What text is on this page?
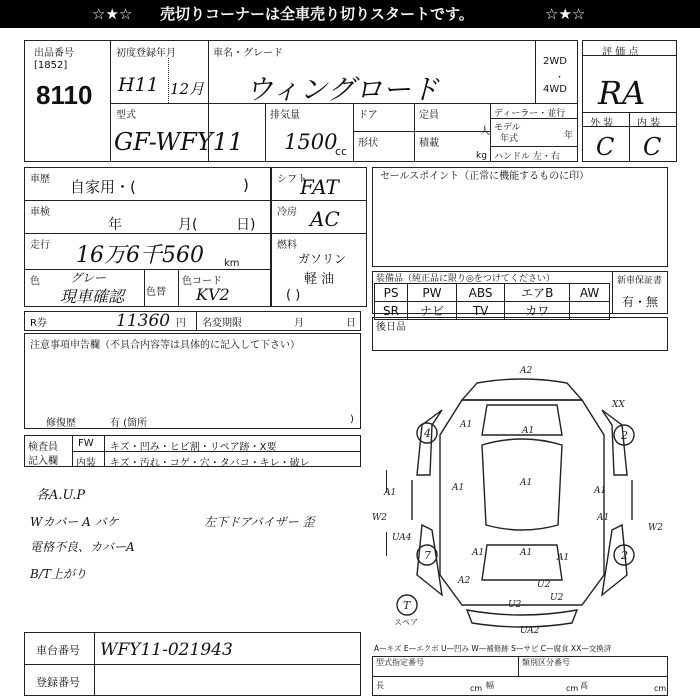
☆★☆ 売切りコーナーは全車売り切りスタートです。	☆★☆
出品番号
[1852]
8110
初度登録年月
H11 12月
車名・グレード
ウィングロード
2WD
・
4WD
型式
GF-WFY11
排気量
1500
cc
ドア
形状
定員
人
積載
kg
ディーラー・並行
モデル
年式	年
ハンドル 左・右
評 価 点
RA
外 装 内 装
C C
車歴 自家用・(	)
車検
年	月(	日)
走行 16万6千560 km
色	グレー
現車確認 色替
色コード
KV2
シフト
FAT
冷房 AC
燃料
ガソリン
軽 油
( )
セールスポイント（正常に機能するものに印）
装備品（純正品に限り◎をつけてください）	新車保証書
有・無
PS	PW	ABS	エアB	AW
SR	ナビ	TV	カワ	
後日品
R券	11360 円 名変期限	月	日
注意事項申告欄（不具合内容等は具体的に記入して下さい）
修復歴	有 (箇所	)
検査員
記入欄
FW キズ・凹み・ヒビ割・リペア跡・X要
内装 キズ・汚れ・コゲ・穴・タバコ・キレ・破レ
各A.U.P
Wカバー A バケ
電格不良、カバーA
B/T上がり
左下ドアバイザー 歪
A2
XX
4	2
A1
A1
A1	A1
A1
A1	A1
A1
W2
UA4
7	2
A1
A2	U2
U2
U2
W2
UA2
A1
T
スペア
A—キズ E—エクボ U—凹み W—補修跡 S—サビ C—腐食 XX—交換済
車台番号 WFY11-021943
登録番号
型式指定番号	類別区分番号
長	cm 幅	cm 高	cm
